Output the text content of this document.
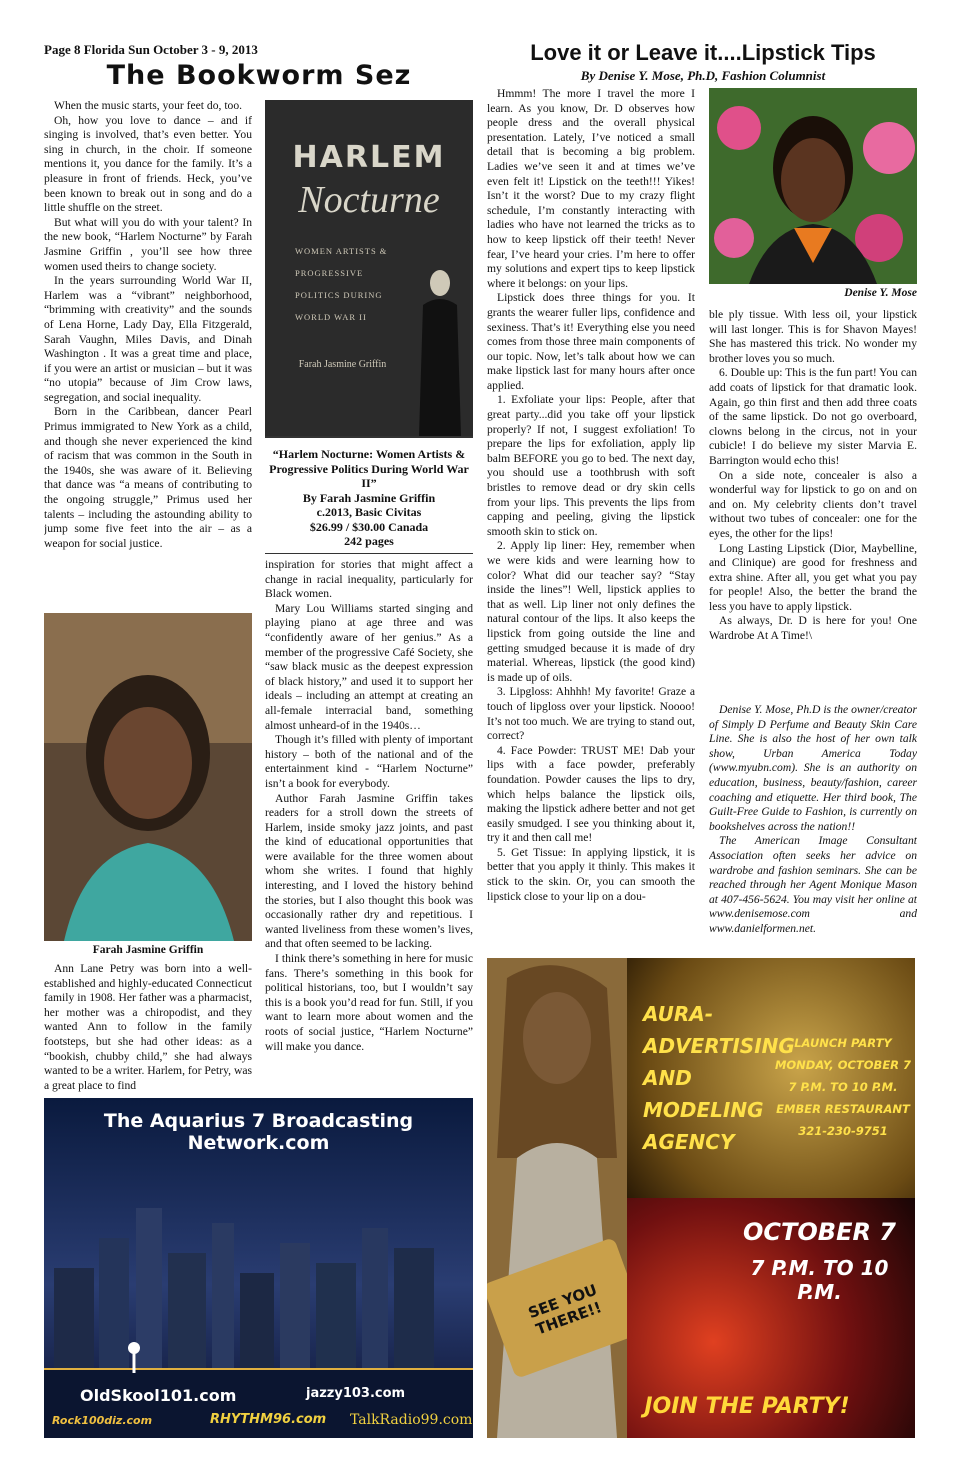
Page 8 Florida Sun October 3 - 9, 2013
The Bookworm Sez
Love it or Leave it....Lipstick Tips
By Denise Y. Mose, Ph.D, Fashion Columnist

When the music starts, your feet do, too.

Oh, how you love to dance – and if singing is involved, that’s even better. You sing in church, in the choir. If someone mentions it, you dance for the family. It’s a pleasure in front of friends. Heck, you’ve been known to break out in song and do a little shuffle on the street.

But what will you do with your talent? In the new book, “Harlem Nocturne” by Farah Jasmine Griffin , you’ll see how three women used theirs to change society.

In the years surrounding World War II, Harlem was a “vibrant” neighborhood, “brimming with creativity” and the sounds of Lena Horne, Lady Day, Ella Fitzgerald, Sarah Vaughn, Miles Davis, and Dinah Washington . It was a great time and place, if you were an artist or musician – but it was “no utopia” because of Jim Crow laws, segregation, and social inequality.

Born in the Caribbean, dancer Pearl Primus immigrated to New York as a child, and though she never experienced the kind of racism that was common in the South in the 1940s, she was aware of it. Believing that dance was “a means of contributing to the ongoing struggle,” Primus used her talents – including the astounding ability to jump some five feet into the air – as a weapon for social justice.

Farah Jasmine Griffin

Ann Lane Petry was born into a well-established and highly-educated Connecticut family in 1908. Her father was a pharmacist, her mother was a chiropodist, and they wanted Ann to follow in the family footsteps, but she had other ideas: as a “bookish, chubby child,” she had always wanted to be a writer. Harlem, for Petry, was a great place to find

HARLEM
Nocturne
WOMEN ARTISTS & PROGRESSIVE POLITICS DURING WORLD WAR II
Farah Jasmine Griffin
“Harlem Nocturne: Women Artists & Progressive Politics During World War II”
By Farah Jasmine Griffin
c.2013, Basic Civitas
$26.99 / $30.00 Canada
242 pages

inspiration for stories that might affect a change in racial inequality, particularly for Black women.

Mary Lou Williams started singing and playing piano at age three and was “confidently aware of her genius.” As a member of the progressive Café Society, she “saw black music as the deepest expression of black history,” and used it to support her ideals – including an attempt at creating an all-female interracial band, something almost unheard-of in the 1940s…

Though it’s filled with plenty of important history – both of the national and of the entertainment kind - “Harlem Nocturne” isn’t a book for everybody.

Author Farah Jasmine Griffin takes readers for a stroll down the streets of Harlem, inside smoky jazz joints, and past the kind of educational opportunities that were available for the three women about whom she writes. I found that highly interesting, and I loved the history behind the stories, but I also thought this book was occasionally rather dry and repetitious. I wanted liveliness from these women’s lives, and that often seemed to be lacking.

I think there’s something in here for music fans. There’s something in this book for political historians, too, but I wouldn’t say this is a book you’d read for fun. Still, if you want to learn more about women and the roots of social justice, “Harlem Nocturne” will make you dance.

Hmmm! The more I travel the more I learn. As you know, Dr. D observes how people dress and the overall physical presentation. Lately, I’ve noticed a small detail that is becoming a big problem. Ladies we’ve seen it and at times we’ve even felt it! Lipstick on the teeth!!! Yikes! Isn’t it the worst? Due to my crazy flight schedule, I’m constantly interacting with ladies who have not learned the tricks as to how to keep lipstick off their teeth! Never fear, I’ve heard your cries. I’m here to offer my solutions and expert tips to keep lipstick where it belongs: on your lips.

Lipstick does three things for you. It grants the wearer fuller lips, confidence and sexiness. That’s it! Everything else you need comes from those three main components of our topic. Now, let’s talk about how we can make lipstick last for many hours after once applied.

1. Exfoliate your lips: People, after that great party...did you take off your lipstick properly? If not, I suggest exfoliation! To prepare the lips for exfoliation, apply lip balm BEFORE you go to bed. The next day, you should use a toothbrush with soft bristles to remove dead or dry skin cells from your lips. This prevents the lips from capping and peeling, giving the lipstick smooth skin to stick on.

2. Apply lip liner: Hey, remember when we were kids and were learning how to color? What did our teacher say? “Stay inside the lines”! Well, lipstick applies to that as well. Lip liner not only defines the natural contour of the lips. It also keeps the lipstick from going outside the line and getting smudged because it is made of dry material. Whereas, lipstick (the good kind) is made up of oils.

3. Lipgloss: Ahhhh! My favorite! Graze a touch of lipgloss over your lipstick. Noooo! It’s not too much. We are trying to stand out, correct?

4. Face Powder: TRUST ME! Dab your lips with a face powder, preferably foundation. Powder causes the lips to dry, which helps balance the lipstick oils, making the lipstick adhere better and not get easily smudged. I see you thinking about it, try it and then call me!

5. Get Tissue: In applying lipstick, it is better that you apply it thinly. This makes it stick to the skin. Or, you can smooth the lipstick close to your lip on a dou-

Denise Y. Mose

ble ply tissue. With less oil, your lipstick will last longer. This is for Shavon Mayes! She has mastered this trick. No wonder my brother loves you so much.

6. Double up: This is the fun part! You can add coats of lipstick for that dramatic look. Again, go thin first and then add three coats of the same lipstick. Do not go overboard, clowns belong in the circus, not in your cubicle! I do believe my sister Marvia E. Barrington would echo this!

On a side note, concealer is also a wonderful way for lipstick to go on and on and on. My celebrity clients don’t travel without two tubes of concealer: one for the eyes, the other for the lips!

Long Lasting Lipstick (Dior, Maybelline, and Clinique) are good for freshness and extra shine. After all, you get what you pay for people! Also, the better the brand the less you have to apply lipstick.

As always, Dr. D is here for you! One Wardrobe At A Time!\

Denise Y. Mose, Ph.D is the owner/creator of Simply D Perfume and Beauty Skin Care Line. She is also the host of her own talk show, Urban America Today (www.myubn.com). She is an authority on education, business, beauty/fashion, career coaching and etiquette. Her third book, The Guilt-Free Guide to Fashion, is currently on bookshelves across the nation!!

The American Image Consultant Association often seeks her advice on wardrobe and fashion seminars. She can be reached through her Agent Monique Mason at 407-456-5624. You may visit her online at www.denisemose.com and www.danielformen.net.

The Aquarius 7 Broadcasting Network.com
OldSkool101.com	jazzy103.com
Rock100diz.com	RHYTHM96.com TalkRadio99.com
AURA-
ADVERTISING
AND
MODELING
AGENCY
LAUNCH PARTY
MONDAY, OCTOBER 7
7 P.M. TO 10 P.M.
EMBER RESTAURANT
321-230-9751
SEE YOU THERE!!
OCTOBER 7
7 P.M. TO 10 P.M.
JOIN THE PARTY!
